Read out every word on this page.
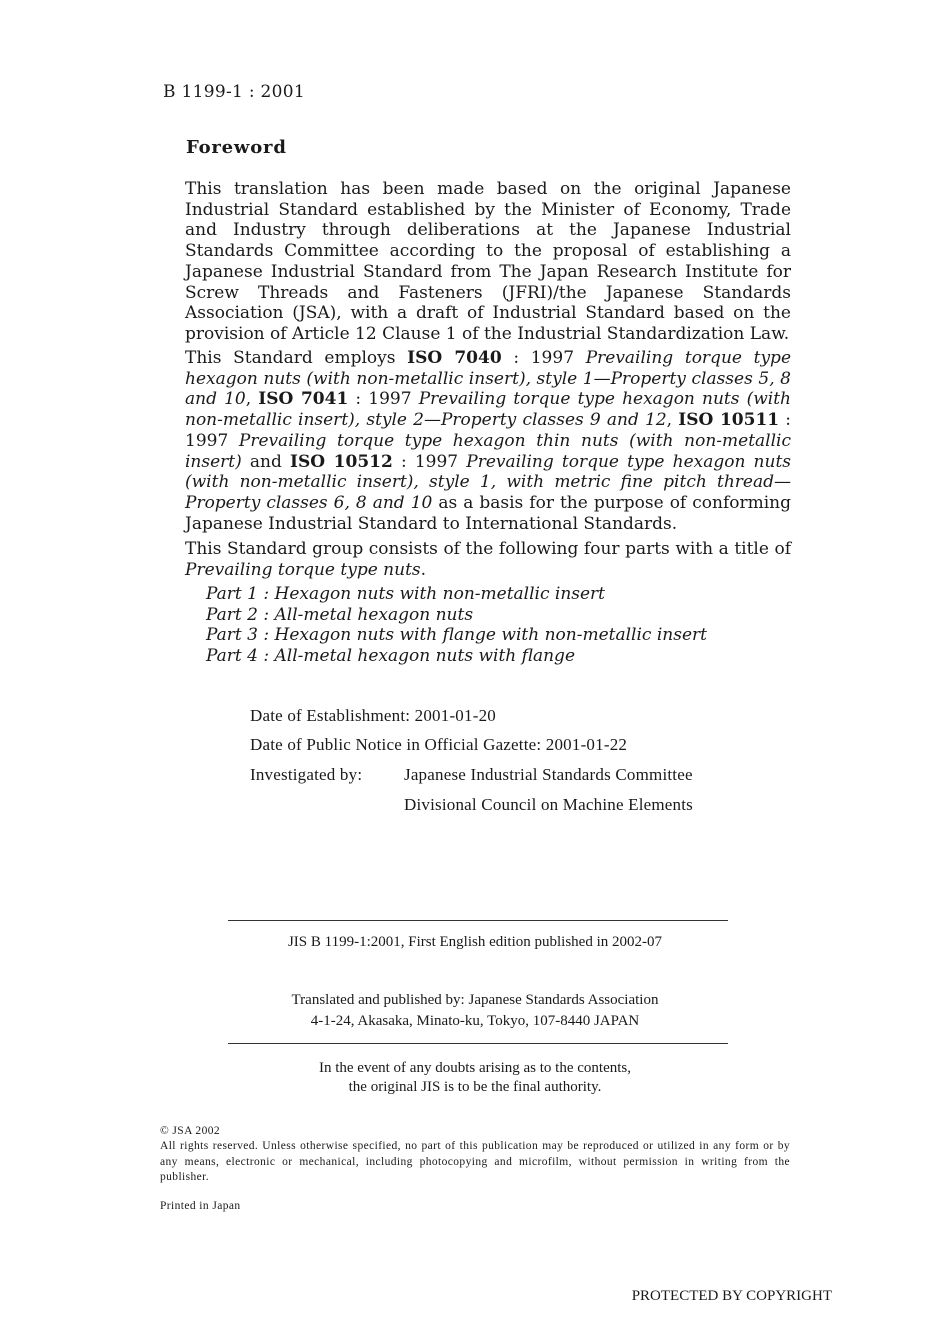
B 1199-1 : 2001
Foreword
This translation has been made based on the original Japanese Industrial Standard established by the Minister of Economy, Trade and Industry through deliberations at the Japanese Industrial Standards Committee according to the proposal of establishing a Japanese Industrial Standard from The Japan Research Institute for Screw Threads and Fasteners (JFRI)/the Japanese Standards Association (JSA), with a draft of Industrial Standard based on the provision of Article 12 Clause 1 of the Industrial Standardization Law.
This Standard employs ISO 7040 : 1997 Prevailing torque type hexagon nuts (with non-metallic insert), style 1—Property classes 5, 8 and 10, ISO 7041 : 1997 Prevailing torque type hexagon nuts (with non-metallic insert), style 2—Property classes 9 and 12, ISO 10511 : 1997 Prevailing torque type hexagon thin nuts (with non-metallic insert) and ISO 10512 : 1997 Prevailing torque type hexagon nuts (with non-metallic insert), style 1, with metric fine pitch thread—Property classes 6, 8 and 10 as a basis for the purpose of conforming Japanese Industrial Standard to International Standards.
This Standard group consists of the following four parts with a title of Prevailing torque type nuts.
Part 1 : Hexagon nuts with non-metallic insert
Part 2 : All-metal hexagon nuts
Part 3 : Hexagon nuts with flange with non-metallic insert
Part 4 : All-metal hexagon nuts with flange
Date of Establishment: 2001-01-20
Date of Public Notice in Official Gazette: 2001-01-22
Investigated by: Japanese Industrial Standards Committee
Divisional Council on Machine Elements
JIS B 1199-1:2001, First English edition published in 2002-07
Translated and published by: Japanese Standards Association
4-1-24, Akasaka, Minato-ku, Tokyo, 107-8440 JAPAN
In the event of any doubts arising as to the contents,
the original JIS is to be the final authority.
© JSA 2002
All rights reserved. Unless otherwise specified, no part of this publication may be reproduced or utilized in any form or by any means, electronic or mechanical, including photocopying and microfilm, without permission in writing from the publisher.
Printed in Japan
PROTECTED BY COPYRIGHT
